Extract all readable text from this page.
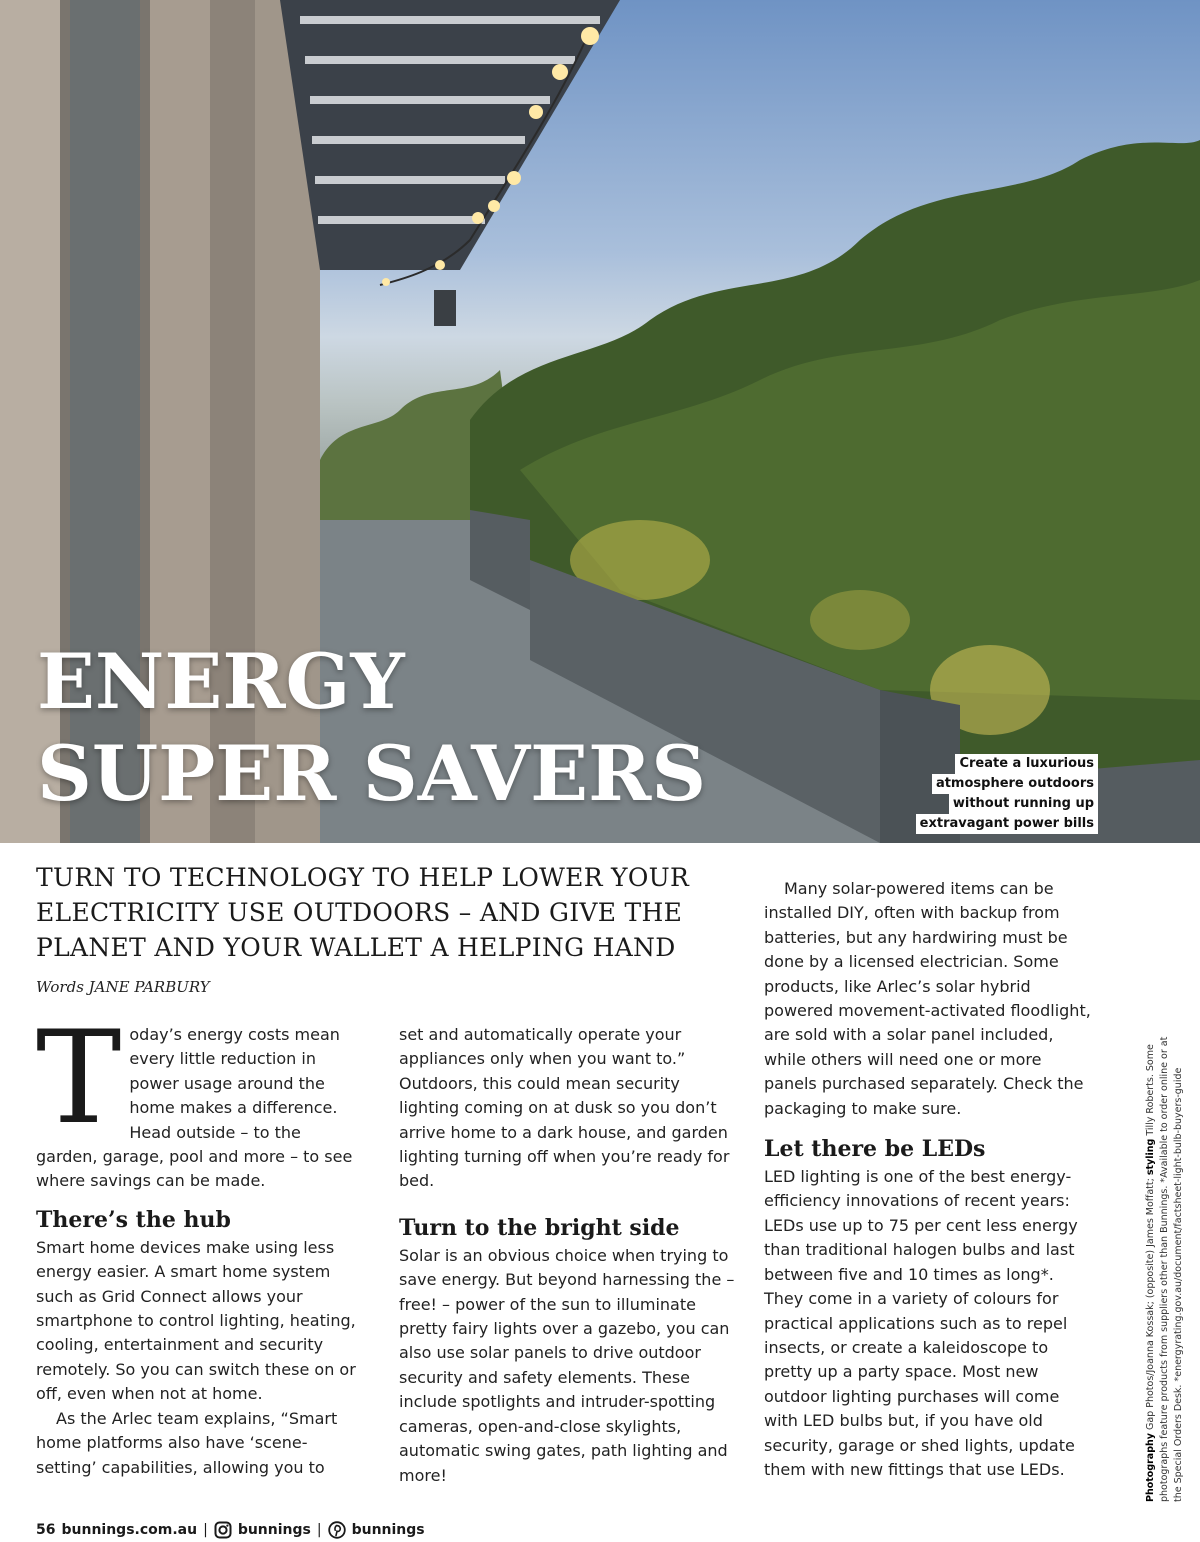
ENERGY
SUPER SAVERS	Create a luxurious
atmosphere outdoors
without running up
extravagant power bills
TURN TO TECHNOLOGY TO HELP LOWER YOUR ELECTRICITY USE OUTDOORS – AND GIVE THE PLANET AND YOUR WALLET A HELPING HAND
Words JANE PARBURY

Today’s energy costs mean every little reduction in power usage around the home makes a difference. Head outside – to the garden, garage, pool and more – to see where savings can be made.

There’s the hub

Smart home devices make using less energy easier. A smart home system such as Grid Connect allows your smartphone to control lighting, heating, cooling, entertainment and security remotely. So you can switch these on or off, even when not at home.

As the Arlec team explains, “Smart home platforms also have ‘scene-setting’ capabilities, allowing you to

set and automatically operate your appliances only when you want to.” Outdoors, this could mean security lighting coming on at dusk so you don’t arrive home to a dark house, and garden lighting turning off when you’re ready for bed.

Turn to the bright side

Solar is an obvious choice when trying to save energy. But beyond harnessing the – free! – power of the sun to illuminate pretty fairy lights over a gazebo, you can also use solar panels to drive outdoor security and safety elements. These include spotlights and intruder-spotting cameras, open-and-close skylights, automatic swing gates, path lighting and more!

Many solar-powered items can be installed DIY, often with backup from batteries, but any hardwiring must be done by a licensed electrician. Some products, like Arlec’s solar hybrid powered movement-activated floodlight, are sold with a solar panel included, while others will need one or more panels purchased separately. Check the packaging to make sure.

Let there be LEDs

LED lighting is one of the best energy-efficiency innovations of recent years: LEDs use up to 75 per cent less energy than traditional halogen bulbs and last between five and 10 times as long*. They come in a variety of colours for practical applications such as to repel insects, or create a kaleidoscope to pretty up a party space. Most new outdoor lighting purchases will come with LED bulbs but, if you have old security, garage or shed lights, update them with new fittings that use LEDs.	Photography Gap Photos/Joanna Kossak; (opposite) James Moffatt; styling Tilly Roberts. Some photographs feature products from suppliers other than Bunnings. *Available to order online or at the Special Orders Desk. *energyrating.gov.au/document/factsheet-light-bulb-buyers-guide
56 bunnings.com.au | bunnings | bunnings
